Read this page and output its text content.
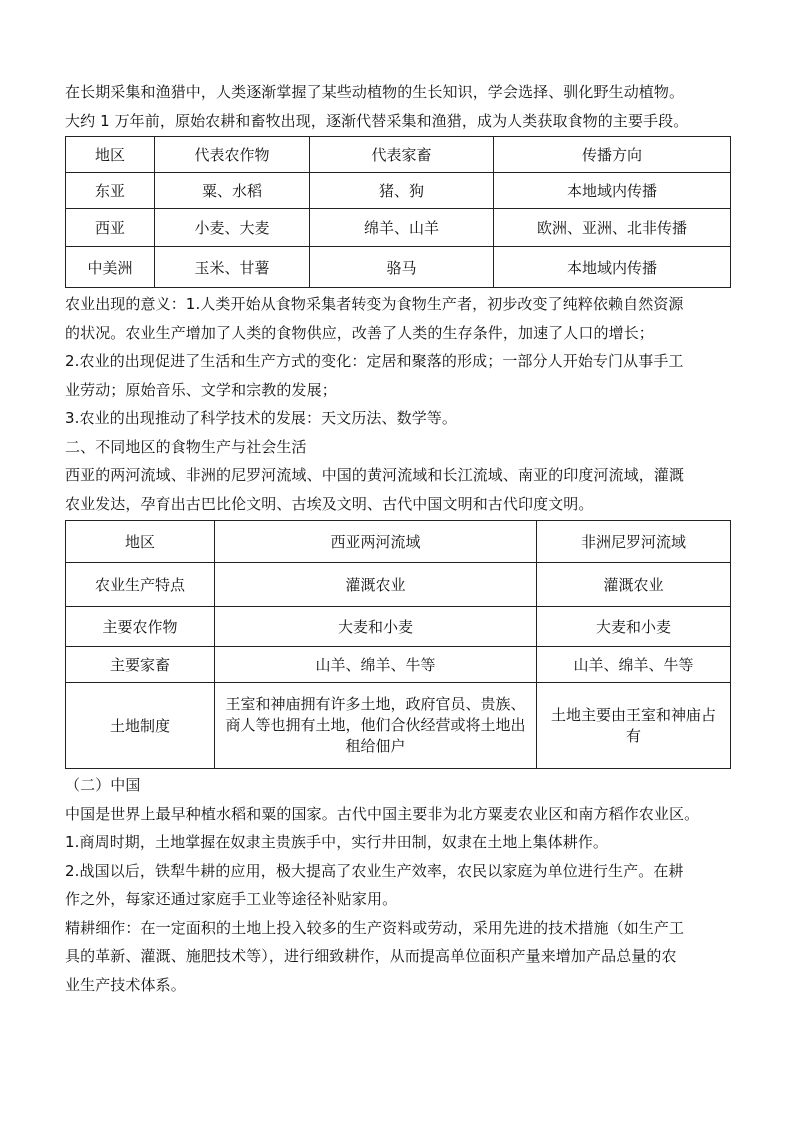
在长期采集和渔猎中，人类逐渐掌握了某些动植物的生长知识，学会选择、驯化野生动植物。

大约 1 万年前，原始农耕和畜牧出现，逐渐代替采集和渔猎，成为人类获取食物的主要手段。

地区	代表农作物	代表家畜	传播方向
东亚	粟、水稻	猪、狗	本地域内传播
西亚	小麦、大麦	绵羊、山羊	欧洲、亚洲、北非传播
中美洲	玉米、甘薯	骆马	本地域内传播

农业出现的意义：1.人类开始从食物采集者转变为食物生产者，初步改变了纯粹依赖自然资源

的状况。农业生产增加了人类的食物供应，改善了人类的生存条件，加速了人口的增长；

2.农业的出现促进了生活和生产方式的变化：定居和聚落的形成；一部分人开始专门从事手工

业劳动；原始音乐、文学和宗教的发展；

3.农业的出现推动了科学技术的发展：天文历法、数学等。

二、不同地区的食物生产与社会生活

西亚的两河流域、非洲的尼罗河流域、中国的黄河流域和长江流域、南亚的印度河流域，灌溉

农业发达，孕育出古巴比伦文明、古埃及文明、古代中国文明和古代印度文明。

地区	西亚两河流域	非洲尼罗河流域
农业生产特点	灌溉农业	灌溉农业
主要农作物	大麦和小麦	大麦和小麦
主要家畜	山羊、绵羊、牛等	山羊、绵羊、牛等
土地制度	王室和神庙拥有许多土地，政府官员、贵族、商人等也拥有土地，他们合伙经营或将土地出租给佃户	土地主要由王室和神庙占有

（二）中国

中国是世界上最早种植水稻和粟的国家。古代中国主要非为北方粟麦农业区和南方稻作农业区。

1.商周时期，土地掌握在奴隶主贵族手中，实行井田制，奴隶在土地上集体耕作。

2.战国以后，铁犁牛耕的应用，极大提高了农业生产效率，农民以家庭为单位进行生产。在耕

作之外，每家还通过家庭手工业等途径补贴家用。

精耕细作：在一定面积的土地上投入较多的生产资料或劳动，采用先进的技术措施（如生产工

具的革新、灌溉、施肥技术等），进行细致耕作，从而提高单位面积产量来增加产品总量的农

业生产技术体系。
